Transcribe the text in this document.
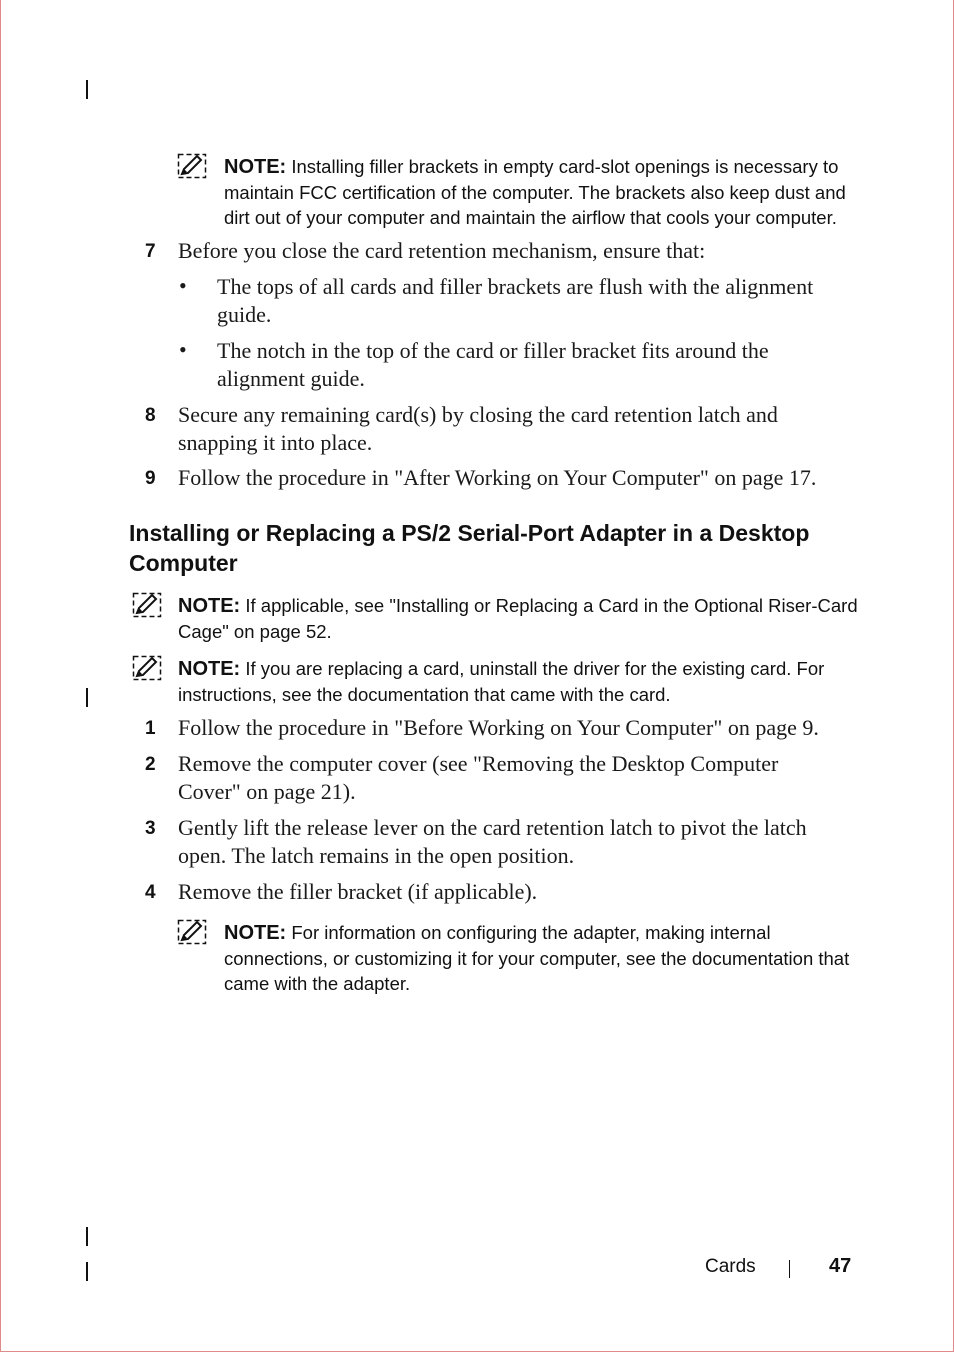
NOTE: Installing filler brackets in empty card-slot openings is necessary to maintain FCC certification of the computer. The brackets also keep dust and dirt out of your computer and maintain the airflow that cools your computer.
7 Before you close the card retention mechanism, ensure that:
• The tops of all cards and filler brackets are flush with the alignment guide.
• The notch in the top of the card or filler bracket fits around the alignment guide.
8 Secure any remaining card(s) by closing the card retention latch and snapping it into place.
9 Follow the procedure in "After Working on Your Computer" on page 17.
Installing or Replacing a PS/2 Serial-Port Adapter in a Desktop Computer
NOTE: If applicable, see "Installing or Replacing a Card in the Optional Riser-Card Cage" on page 52.
NOTE: If you are replacing a card, uninstall the driver for the existing card. For instructions, see the documentation that came with the card.
1 Follow the procedure in "Before Working on Your Computer" on page 9.
2 Remove the computer cover (see "Removing the Desktop Computer Cover" on page 21).
3 Gently lift the release lever on the card retention latch to pivot the latch open. The latch remains in the open position.
4 Remove the filler bracket (if applicable).
NOTE: For information on configuring the adapter, making internal connections, or customizing it for your computer, see the documentation that came with the adapter.
Cards	47
